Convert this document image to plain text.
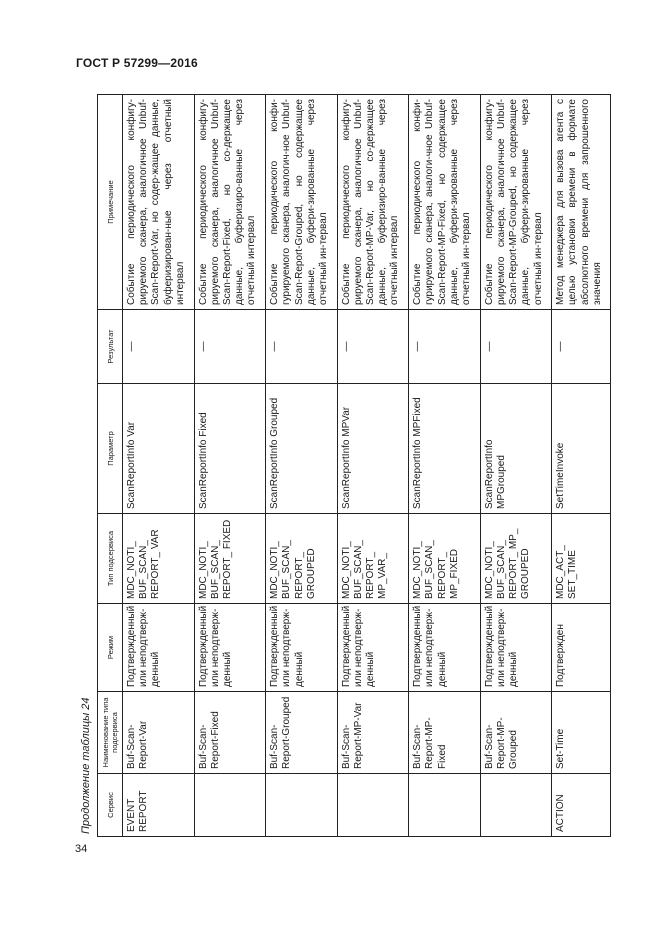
ГОСТ Р 57299—2016
Продолжение таблицы 24 Сервис	Наименование типа подсервиса	Режим	Тип подсервиса	Параметр	Результат	Примечание
EVENT REPORT	Buf-Scan-Report-Var	Подтвержденный или неподтверж-денный	MDC_NOTI_ BUF_SCAN_ REPORT_ VAR	ScanReportInfo Var	—	Событие периодического конфигу-рируемого сканера, аналогичное Unbuf-Scan-Report-Var, но содер-жащее данные, буферизирован-ные через отчетный интервал
	Buf-Scan-Report-Fixed	Подтвержденный или неподтверж-денный	MDC_NOTI_ BUF_SCAN_ REPORT_ FIXED	ScanReportInfo Fixed	—	Событие периодического конфигу-рируемого сканера, аналогичное Unbuf-Scan-Report-Fixed, но со-держащее данные, буферизиро-ванные через отчетный интервал
	Buf-Scan-Report-Grouped	Подтвержденный или неподтверж-денный	MDC_NOTI_ BUF_SCAN_ REPORT_ GROUPED	ScanReportInfo Grouped	—	Событие периодического конфи-гурируемого сканера, аналогич-ное Unbuf-Scan-Report-Grouped, но содержащее данные, буфери-зированные через отчетный ин-тервал
	Buf-Scan-Report-MP-Var	Подтвержденный или неподтверж-денный	MDC_NOTI_ BUF_SCAN_ REPORT_ MP_VAR_	ScanReportInfo MPVar	—	Событие периодического конфигу-рируемого сканера, аналогичное Unbuf-Scan-Report-MP-Var, но со-держащее данные, буферизиро-ванные через отчетный интервал
	Buf-Scan-Report-MP-Fixed	Подтвержденный или неподтверж-денный	MDC_NOTI_ BUF_SCAN_ REPORT_ MP_FIXED	ScanReportInfo MPFixed	—	Событие периодического конфи-гурируемого сканера, аналоги-чное Unbuf-Scan-Report-MP-Fixed, но содержащее данные, буфери-зированные через отчетный ин-тервал
	Buf-Scan-Report-MP-Grouped	Подтвержденный или неподтверж-денный	MDC_NOTI_ BUF_SCAN_ REPORT_ MP_ GROUPED	ScanReportInfo MPGrouped	—	Событие периодического конфигу-рируемого сканера, аналогичное Unbuf-Scan-Report-MP-Grouped, но содержащее данные, буфери-зированные через отчетный ин-тервал
ACTION	Set-Time	Подтвержден	MDC_ACT_ SET_TIME	SetTimeInvoke	—	Метод менеджера для вызова агента с целью установки времени в формате абсолютного времени для запрошенного значения
34
